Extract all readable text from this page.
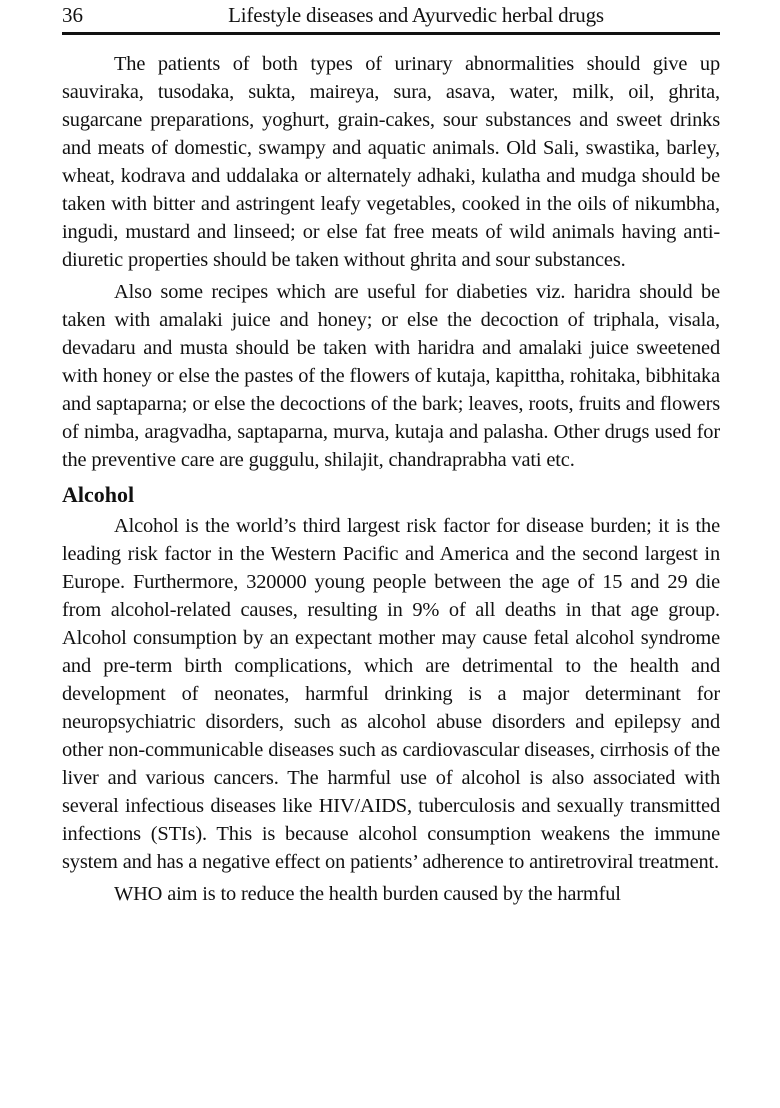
36	Lifestyle diseases and Ayurvedic herbal drugs

The patients of both types of urinary abnormalities should give up sauviraka, tusodaka, sukta, maireya, sura, asava, water, milk, oil, ghrita, sugarcane preparations, yoghurt, grain-cakes, sour substances and sweet drinks and meats of domestic, swampy and aquatic animals. Old Sali, swastika, barley, wheat, kodrava and uddalaka or alternately adhaki, kulatha and mudga should be taken with bitter and astringent leafy vegetables, cooked in the oils of nikumbha, ingudi, mustard and linseed; or else fat free meats of wild animals having anti-diuretic properties should be taken without ghrita and sour substances.

Also some recipes which are useful for diabeties viz. haridra should be taken with amalaki juice and honey; or else the decoction of triphala, visala, devadaru and musta should be taken with haridra and amalaki juice sweetened with honey or else the pastes of the flowers of kutaja, kapittha, rohitaka, bibhitaka and saptaparna; or else the decoctions of the bark; leaves, roots, fruits and flowers of nimba, aragvadha, saptaparna, murva, kutaja and palasha. Other drugs used for the preventive care are guggulu, shilajit, chandraprabha vati etc.

Alcohol

Alcohol is the world’s third largest risk factor for disease burden; it is the leading risk factor in the Western Pacific and America and the second largest in Europe. Furthermore, 320000 young people between the age of 15 and 29 die from alcohol-related causes, resulting in 9% of all deaths in that age group. Alcohol consumption by an expectant mother may cause fetal alcohol syndrome and pre-term birth complications, which are detrimental to the health and development of neonates, harmful drinking is a major determinant for neuropsychiatric disorders, such as alcohol abuse disorders and epilepsy and other non-communicable diseases such as cardiovascular diseases, cirrhosis of the liver and various cancers. The harmful use of alcohol is also associated with several infectious diseases like HIV/AIDS, tuberculosis and sexually transmitted infections (STIs). This is because alcohol consumption weakens the immune system and has a negative effect on patients’ adherence to antiretroviral treatment.

WHO aim is to reduce the health burden caused by the harmful
